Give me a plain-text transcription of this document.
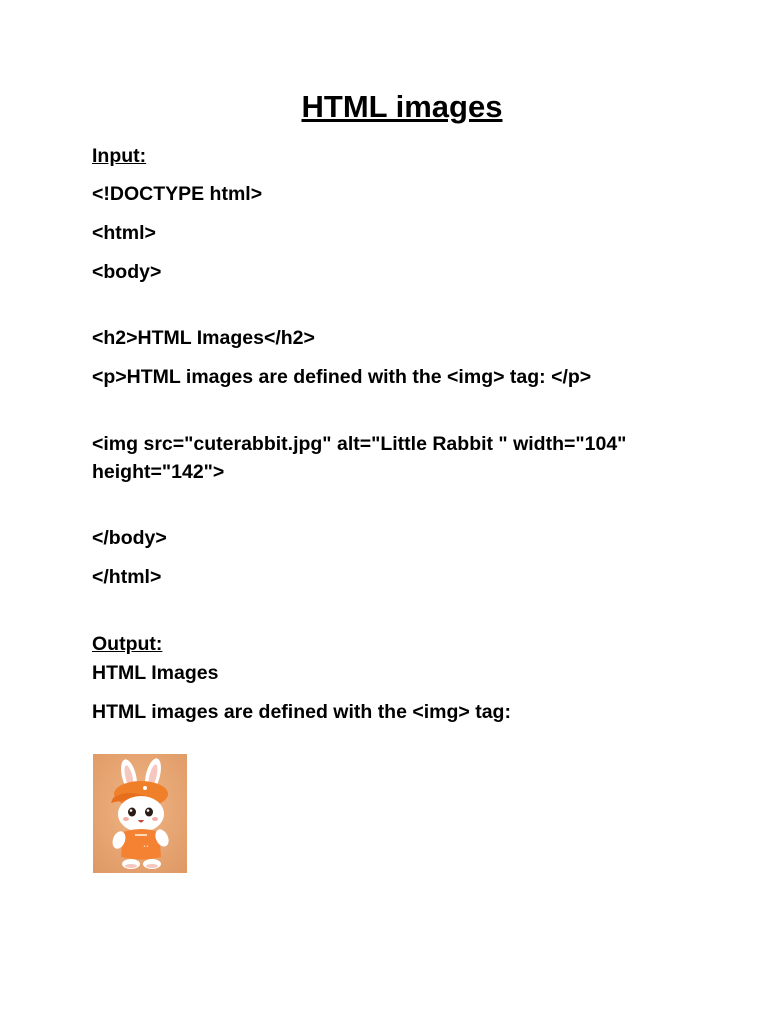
HTML images

Input:

<!DOCTYPE html>

<html>

<body>

<h2>HTML Images</h2>

<p>HTML images are defined with the <img> tag: </p>

<img src="cuterabbit.jpg" alt="Little Rabbit " width="104" height="142">

</body>

</html>

Output:

HTML Images

HTML images are defined with the <img> tag:

••
